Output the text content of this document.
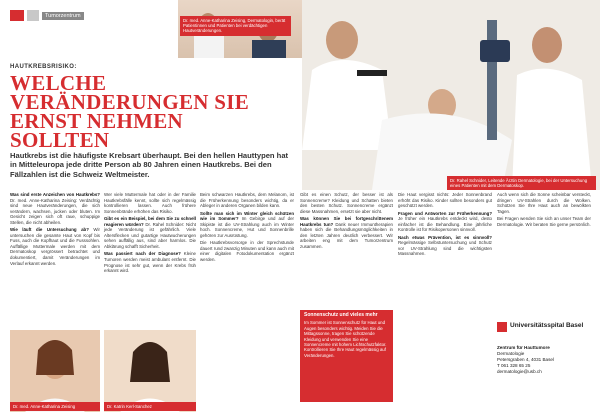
Tumorzentrum
Dr. med. Anne-Katharina Zeising, Dermatologin, berät Patientinnen und Patienten bei verdächtigen Hautveränderungen.
Dr. Rahel Schnider, Leitende Ärztin Dermatologie, bei der Untersuchung eines Patienten mit dem Dermatoskop.
HAUTKREBSRISIKO:
WELCHE VERÄNDERUNGEN SIE ERNST NEHMEN SOLLTEN
Hautkrebs ist die häufigste Krebsart überhaupt. Bei den hellen Hauttypen hat in Mitteleuropa jede dritte Person ab 80 Jahren einen Hautkrebs. Bei den Fällzahlen ist die Schweiz Weltmeister.

Was sind erste Anzeichen von Hautkrebs? Dr. med. Anne-Katharina Zeising: Verdächtig sind neue Hautveränderungen, die sich verändern, wachsen, jucken oder bluten. Im Gesicht zeigen sich oft raue, schuppige Stellen, die nicht abheilen.

Wie läuft die Untersuchung ab? Wir untersuchen die gesamte Haut von Kopf bis Fuss, auch die Kopfhaut und die Fusssohlen. Auffällige Muttermale werden mit dem Dermatoskop vergrössert betrachtet und dokumentiert, damit Veränderungen im Verlauf erkannt werden.

Wer viele Muttermale hat oder in der Familie Hautkrebsfälle kennt, sollte sich regelmässig kontrollieren lassen. Auch frühere Sonnenbrände erhöhen das Risiko.

Gibt es ein Beispiel, bei dem Sie zu schnell reagieren würden? Dr. Rahel Schnider: Nicht jede Veränderung ist gefährlich. Viele Altersflecken und gutartige Hautwucherungen sehen auffällig aus, sind aber harmlos. Die Abklärung schafft Sicherheit.

Was passiert nach der Diagnose? Kleine Tumoren werden meist ambulant entfernt. Die Prognose ist sehr gut, wenn der Krebs früh erkannt wird.

Beim schwarzen Hautkrebs, dem Melanom, ist die Früherkennung besonders wichtig, da er Ableger in anderen Organen bilden kann.

Sollte man sich im Winter gleich schützen wie im Sommer? Im Gebirge und auf der Skipiste ist die UV-Strahlung auch im Winter hoch. Sonnencreme, Hut und Sonnenbrille gehören zur Ausrüstung.

Die Hautkrebsvorsorge in der Sprechstunde dauert rund zwanzig Minuten und kann auch mit einer digitalen Fotodokumentation ergänzt werden.

Gibt es einen Schutz, der besser ist als Sonnencreme? Kleidung und Schatten bieten den besten Schutz. Sonnencreme ergänzt diese Massnahmen, ersetzt sie aber nicht.

Was können Sie bei fortgeschrittenem Hautkrebs tun? Dank neuer Immuntherapien haben sich die Behandlungsmöglichkeiten in den letzten Jahren deutlich verbessert. Wir arbeiten eng mit dem Tumorzentrum zusammen.

Die Haut vergisst nichts: Jeder Sonnenbrand erhöht das Risiko. Kinder sollten besonders gut geschützt werden.

Fragen und Antworten zur Früherkennung? Je früher ein Hautkrebs entdeckt wird, desto einfacher ist die Behandlung. Eine jährliche Kontrolle ist für Risikopersonen sinnvoll.

Nach etwas Prävention, ist es sinnvoll? Regelmässige Selbstuntersuchung und Schutz vor UV-Strahlung sind die wichtigsten Massnahmen.

Auch wenn sich die Sonne scheinbar versteckt, dringen UV-Strahlen durch die Wolken. Schützen Sie Ihre Haut auch an bewölkten Tagen.

Bei Fragen wenden Sie sich an unser Team der Dermatologie. Wir beraten Sie gerne persönlich.

Sonnenschutz und vieles mehr
Im Sommer ist Sonnenschutz für Haut und Augen besonders wichtig. Meiden Sie die Mittagssonne, tragen Sie schützende Kleidung und verwenden Sie eine Sonnencreme mit hohem Lichtschutzfaktor. Kontrollieren Sie Ihre Haut regelmässig auf Veränderungen.
Dr. med. Anne-Katharina Zeising	Dr. Katrin Kerl-Sanchez
Universitätsspital Basel
Zentrum für Hauttumore
Dermatologie
Petersgraben 4, 4031 Basel
T 061 328 65 25
dermatologie@usb.ch
